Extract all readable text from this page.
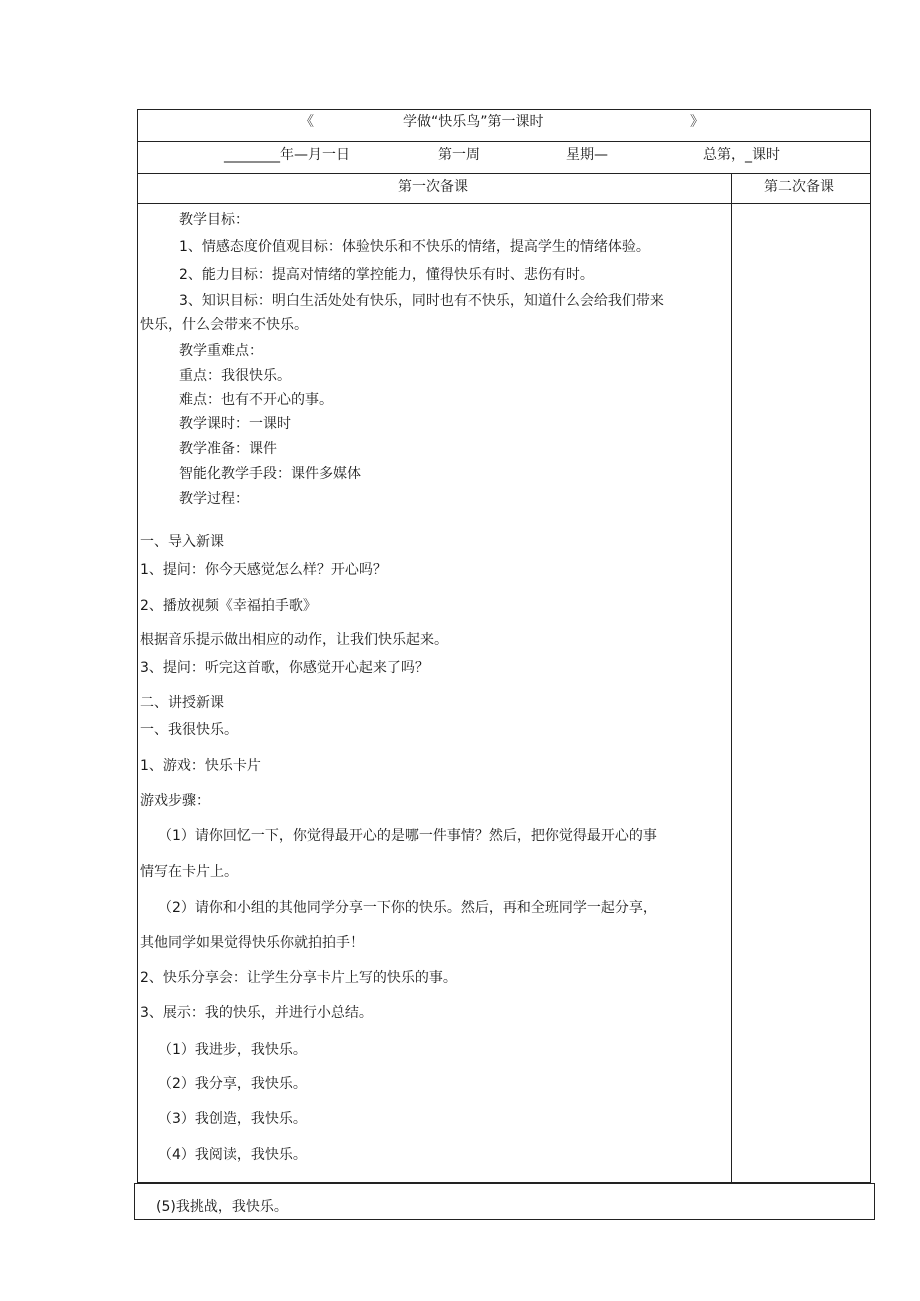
《	学做“快乐鸟”第一课时	》
________年—月一日	第一周	星期—	总第，_课时
第一次备课	第二次备课
教学目标：
1、情感态度价值观目标：体验快乐和不快乐的情绪，提高学生的情绪体验。
2、能力目标：提高对情绪的掌控能力，懂得快乐有时、悲伤有时。
3、知识目标：明白生活处处有快乐，同时也有不快乐，知道什么会给我们带来
快乐，什么会带来不快乐。
教学重难点：
重点：我很快乐。
难点：也有不开心的事。
教学课时：一课时
教学准备：课件
智能化教学手段：课件多媒体
教学过程：
一、导入新课
1、提问：你今天感觉怎么样？开心吗？
2、播放视频《幸福拍手歌》
根据音乐提示做出相应的动作，让我们快乐起来。
3、提问：听完这首歌，你感觉开心起来了吗？
二、讲授新课
一、我很快乐。
1、游戏：快乐卡片
游戏步骤：
（1）请你回忆一下，你觉得最开心的是哪一件事情？然后，把你觉得最开心的事
情写在卡片上。
（2）请你和小组的其他同学分享一下你的快乐。然后，再和全班同学一起分享，
其他同学如果觉得快乐你就拍拍手！
2、快乐分享会：让学生分享卡片上写的快乐的事。
3、展示：我的快乐，并进行小总结。
（1）我进步，我快乐。
（2）我分享，我快乐。
（3）我创造，我快乐。
（4）我阅读，我快乐。
(5)我挑战，我快乐。
